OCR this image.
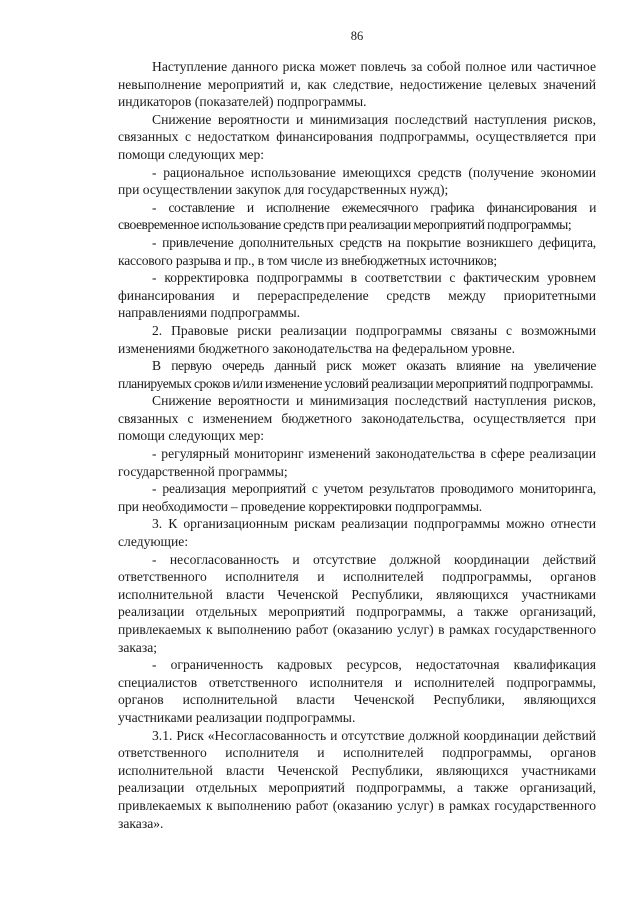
86

Наступление данного риска может повлечь за собой полное или частичное невыполнение мероприятий и, как следствие, недостижение целевых значений индикаторов (показателей) подпрограммы.

Снижение вероятности и минимизация последствий наступления рисков, связанных с недостатком финансирования подпрограммы, осуществляется при помощи следующих мер:

- рациональное использование имеющихся средств (получение экономии при осуществлении закупок для государственных нужд);

- составление и исполнение ежемесячного графика финансирования и своевременное использование средств при реализации мероприятий подпрограммы;

- привлечение дополнительных средств на покрытие возникшего дефицита, кассового разрыва и пр., в том числе из внебюджетных источников;

- корректировка подпрограммы в соответствии с фактическим уровнем финансирования и перераспределение средств между приоритетными направлениями подпрограммы.

2. Правовые риски реализации подпрограммы связаны с возможными изменениями бюджетного законодательства на федеральном уровне.

В первую очередь данный риск может оказать влияние на увеличение планируемых сроков и/или изменение условий реализации мероприятий подпрограммы.

Снижение вероятности и минимизация последствий наступления рисков, связанных с изменением бюджетного законодательства, осуществляется при помощи следующих мер:

- регулярный мониторинг изменений законодательства в сфере реализации государственной программы;

- реализация мероприятий с учетом результатов проводимого мониторинга, при необходимости – проведение корректировки подпрограммы.

3. К организационным рискам реализации подпрограммы можно отнести следующие:

- несогласованность и отсутствие должной координации действий ответственного исполнителя и исполнителей подпрограммы, органов исполнительной власти Чеченской Республики, являющихся участниками реализации отдельных мероприятий подпрограммы, а также организаций, привлекаемых к выполнению работ (оказанию услуг) в рамках государственного заказа;

- ограниченность кадровых ресурсов, недостаточная квалификация специалистов ответственного исполнителя и исполнителей подпрограммы, органов исполнительной власти Чеченской Республики, являющихся участниками реализации подпрограммы.

3.1. Риск «Несогласованность и отсутствие должной координации действий ответственного исполнителя и исполнителей подпрограммы, органов исполнительной власти Чеченской Республики, являющихся участниками реализации отдельных мероприятий подпрограммы, а также организаций, привлекаемых к выполнению работ (оказанию услуг) в рамках государственного заказа».
